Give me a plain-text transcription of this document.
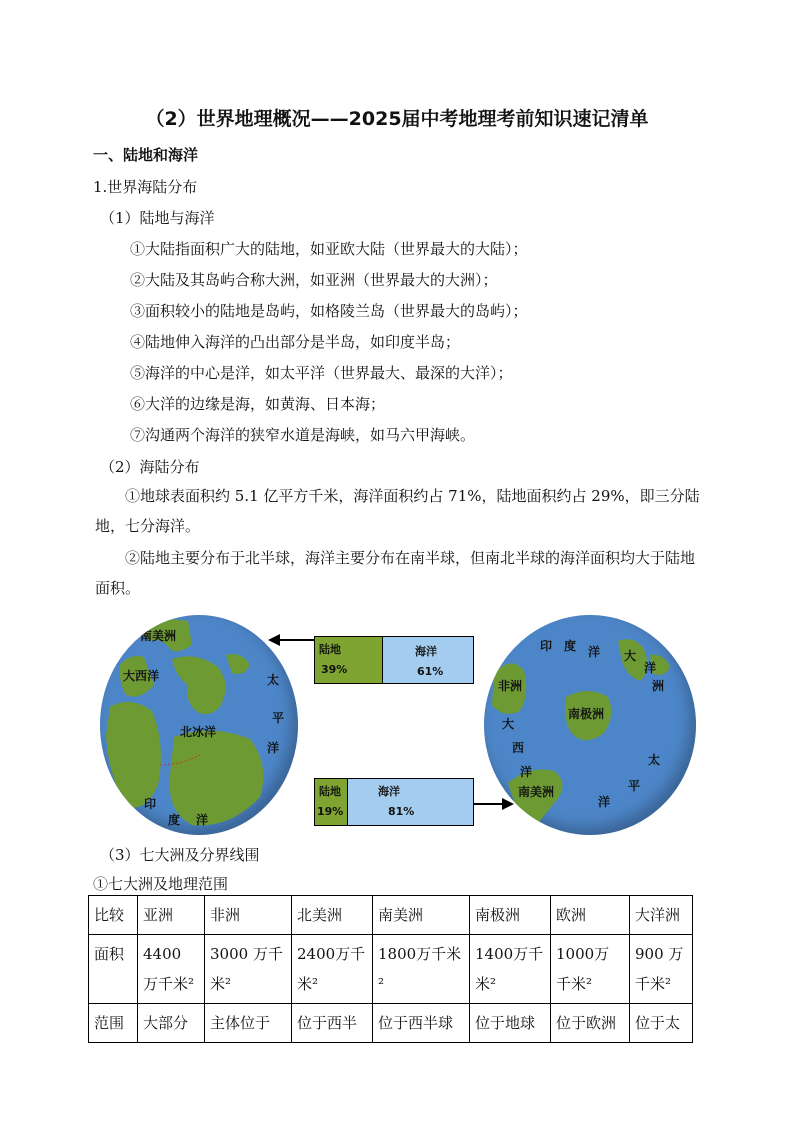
（2）世界地理概况——2025届中考地理考前知识速记清单
一、陆地和海洋
1.世界海陆分布
（1）陆地与海洋
①大陆指面积广大的陆地，如亚欧大陆（世界最大的大陆）；
②大陆及其岛屿合称大洲，如亚洲（世界最大的大洲）；
③面积较小的陆地是岛屿，如格陵兰岛（世界最大的岛屿）；
④陆地伸入海洋的凸出部分是半岛，如印度半岛；
⑤海洋的中心是洋，如太平洋（世界最大、最深的大洋）；
⑥大洋的边缘是海，如黄海、日本海；
⑦沟通两个海洋的狭窄水道是海峡，如马六甲海峡。
（2）海陆分布
①地球表面积约 5.1 亿平方千米，海洋面积约占 71%，陆地面积约占 29%，即三分陆地，七分海洋。
②陆地主要分布于北半球，海洋主要分布在南半球，但南北半球的海洋面积均大于陆地面积。
南美洲
大西洋
北冰洋
太
平
洋
印
度 洋
陆地
39%
海洋
61%
陆地
19%
海洋
81%
印 度 洋 大
洋
洲
非洲
南极洲
大
西
洋
南美洲
太
平
洋
（3）七大洲及分界线围
①七大洲及地理范围
比较	亚洲	非洲	北美洲	南美洲	南极洲	欧洲	大洋洲
面积	4400 万千米²	3000 万千米²	2400万千米²	1800万千米²	1400万千米²	1000万千米²	900 万千米²
范围	大部分	主体位于	位于西半	位于西半球	位于地球	位于欧洲	位于太
